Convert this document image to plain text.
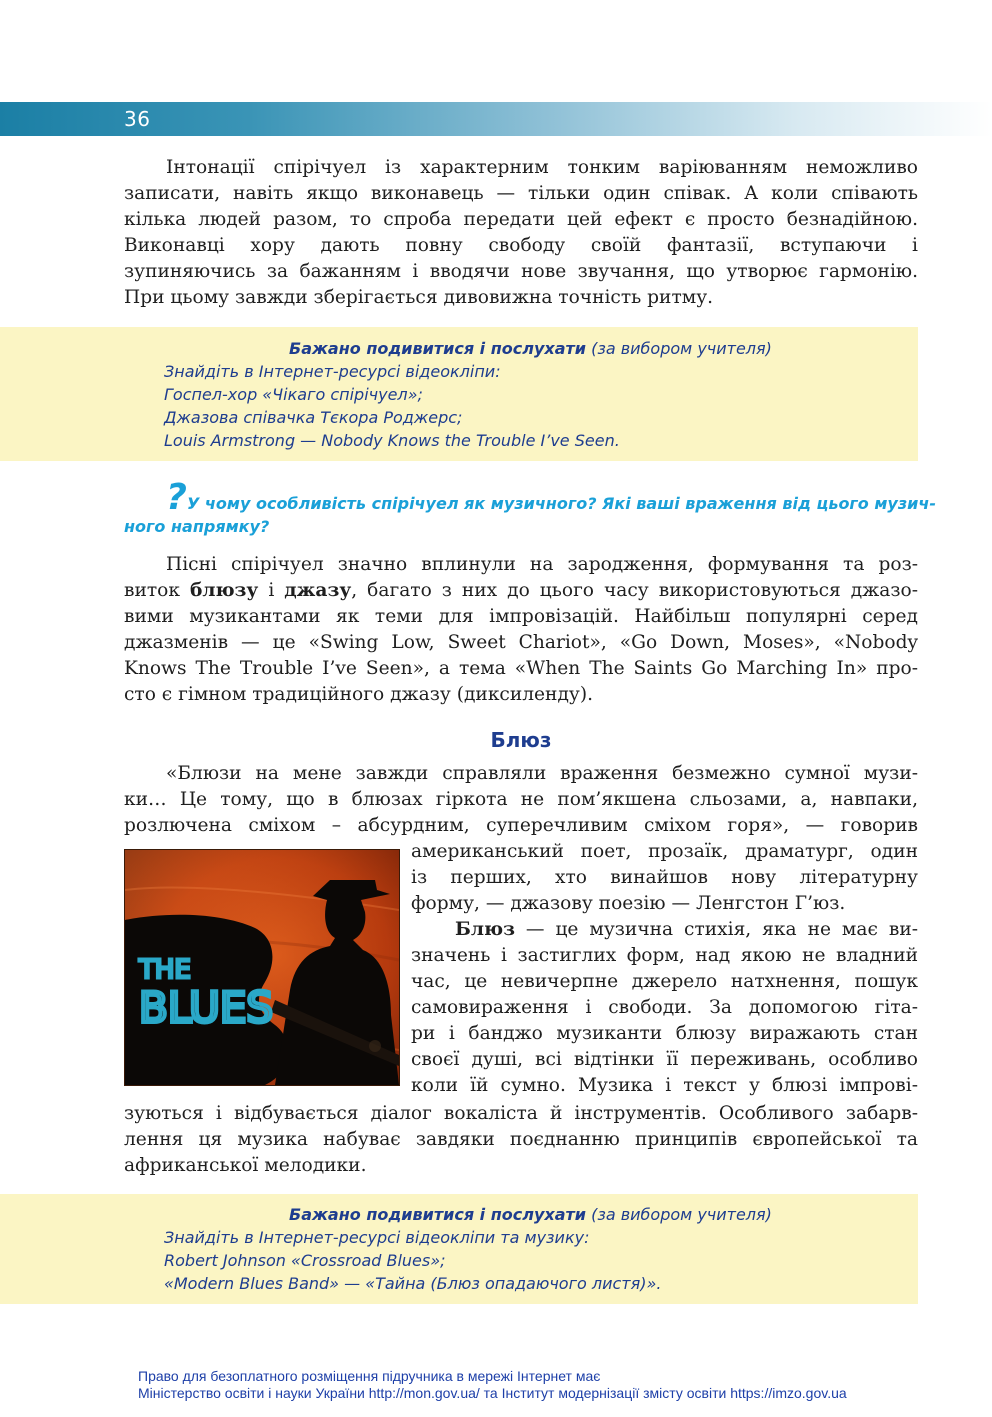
36
Інтонації спірічуел із характерним тонким варіюванням неможливо
записати, навіть якщо виконавець — тільки один співак. А коли співають
кілька людей разом, то спроба передати цей ефект є просто безнадійною.
Виконавці хору дають повну свободу своїй фантазії, вступаючи і
зупиняючись за бажанням і вводячи нове звучання, що утворює гармонію.
При цьому завжди зберігається дивовижна точність ритму.
Бажано подивитися і послухати (за вибором учителя)
Знайдіть в Інтернет-ресурсі відеокліпи:
Госпел-хор «Чікаго спірічуел»;
Джазова співачка Тєкора Роджерс;
Louis Armstrong — Nobody Knows the Trouble I’ve Seen.
? У чому особливість спірічуел як музичного? Які ваші враження від цього музич-
ного напрямку?
Пісні спірічуел значно вплинули на зародження, формування та роз-
виток блюзу і джазу, багато з них до цього часу використовуються джазо-
вими музикантами як теми для імпровізацій. Найбільш популярні серед
джазменів — це «Swing Low, Sweet Chariot», «Go Down, Moses», «Nobody
Knows The Trouble I’ve Seen», а тема «When The Saints Go Marching In» про-
сто є гімном традиційного джазу (диксиленду).
Блюз
«Блюзи на мене завжди справляли враження безмежно сумної музи-
ки… Це тому, що в блюзах гіркота не пом’якшена сльозами, а, навпаки,
розлючена сміхом – абсурдним, суперечливим сміхом горя», — говорив
американський поет, прозаїк, драматург, один
із перших, хто винайшов нову літературну
форму, — джазову поезію — Ленгстон Г’юз.
THE
BLUES
Блюз — це музична стихія, яка не має ви-
значень і застиглих форм, над якою не владний
час, це невичерпне джерело натхнення, пошук
самовираження і свободи. За допомогою гіта-
ри і банджо музиканти блюзу виражають стан
своєї душі, всі відтінки її переживань, особливо
коли їй сумно. Музика і текст у блюзі імпрові-
зуються і відбувається діалог вокаліста й інструментів. Особливого забарв-
лення ця музика набуває завдяки поєднанню принципів європейської та
африканської мелодики.
Бажано подивитися і послухати (за вибором учителя)
Знайдіть в Інтернет-ресурсі відеокліпи та музику:
Robert Johnson «Crossroad Blues»;
«Modern Blues Band» — «Тайна (Блюз опадаючого листя)».
Право для безоплатного розміщення підручника в мережі Інтернет має
Міністерство освіти і науки України http://mon.gov.ua/ та Інститут модернізації змісту освіти https://imzo.gov.ua
